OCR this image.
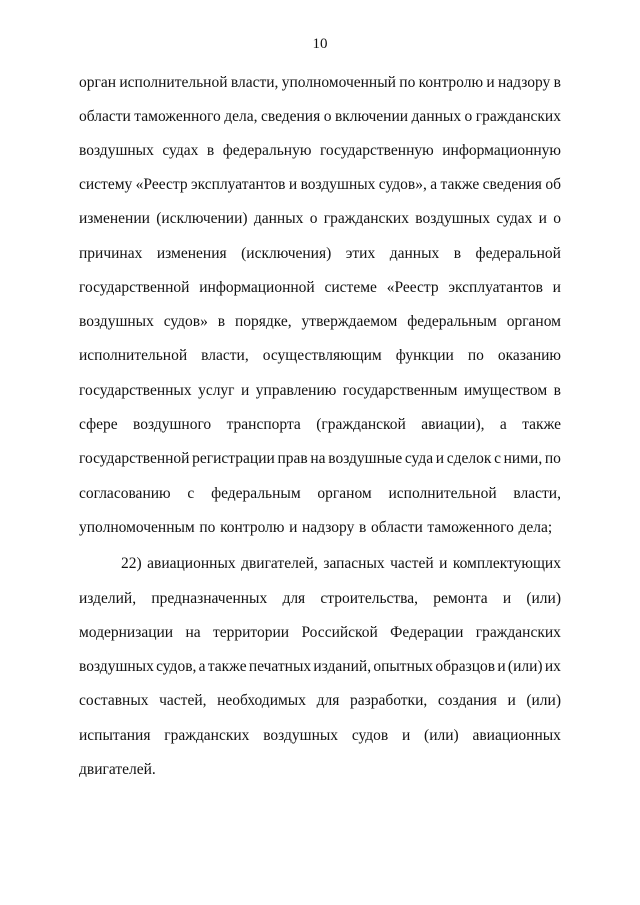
10
орган исполнительной власти, уполномоченный по контролю и надзору в
области таможенного дела, сведения о включении данных о гражданских
воздушных судах в федеральную государственную информационную
систему «Реестр эксплуатантов и воздушных судов», а также сведения об
изменении (исключении) данных о гражданских воздушных судах и о
причинах изменения (исключения) этих данных в федеральной
государственной информационной системе «Реестр эксплуатантов и
воздушных судов» в порядке, утверждаемом федеральным органом
исполнительной власти, осуществляющим функции по оказанию
государственных услуг и управлению государственным имуществом в
сфере воздушного транспорта (гражданской авиации), а также
государственной регистрации прав на воздушные суда и сделок с ними, по
согласованию с федеральным органом исполнительной власти,
уполномоченным по контролю и надзору в области таможенного дела;
22) авиационных двигателей, запасных частей и комплектующих
изделий, предназначенных для строительства, ремонта и (или)
модернизации на территории Российской Федерации гражданских
воздушных судов, а также печатных изданий, опытных образцов и (или) их
составных частей, необходимых для разработки, создания и (или)
испытания гражданских воздушных судов и (или) авиационных
двигателей.
